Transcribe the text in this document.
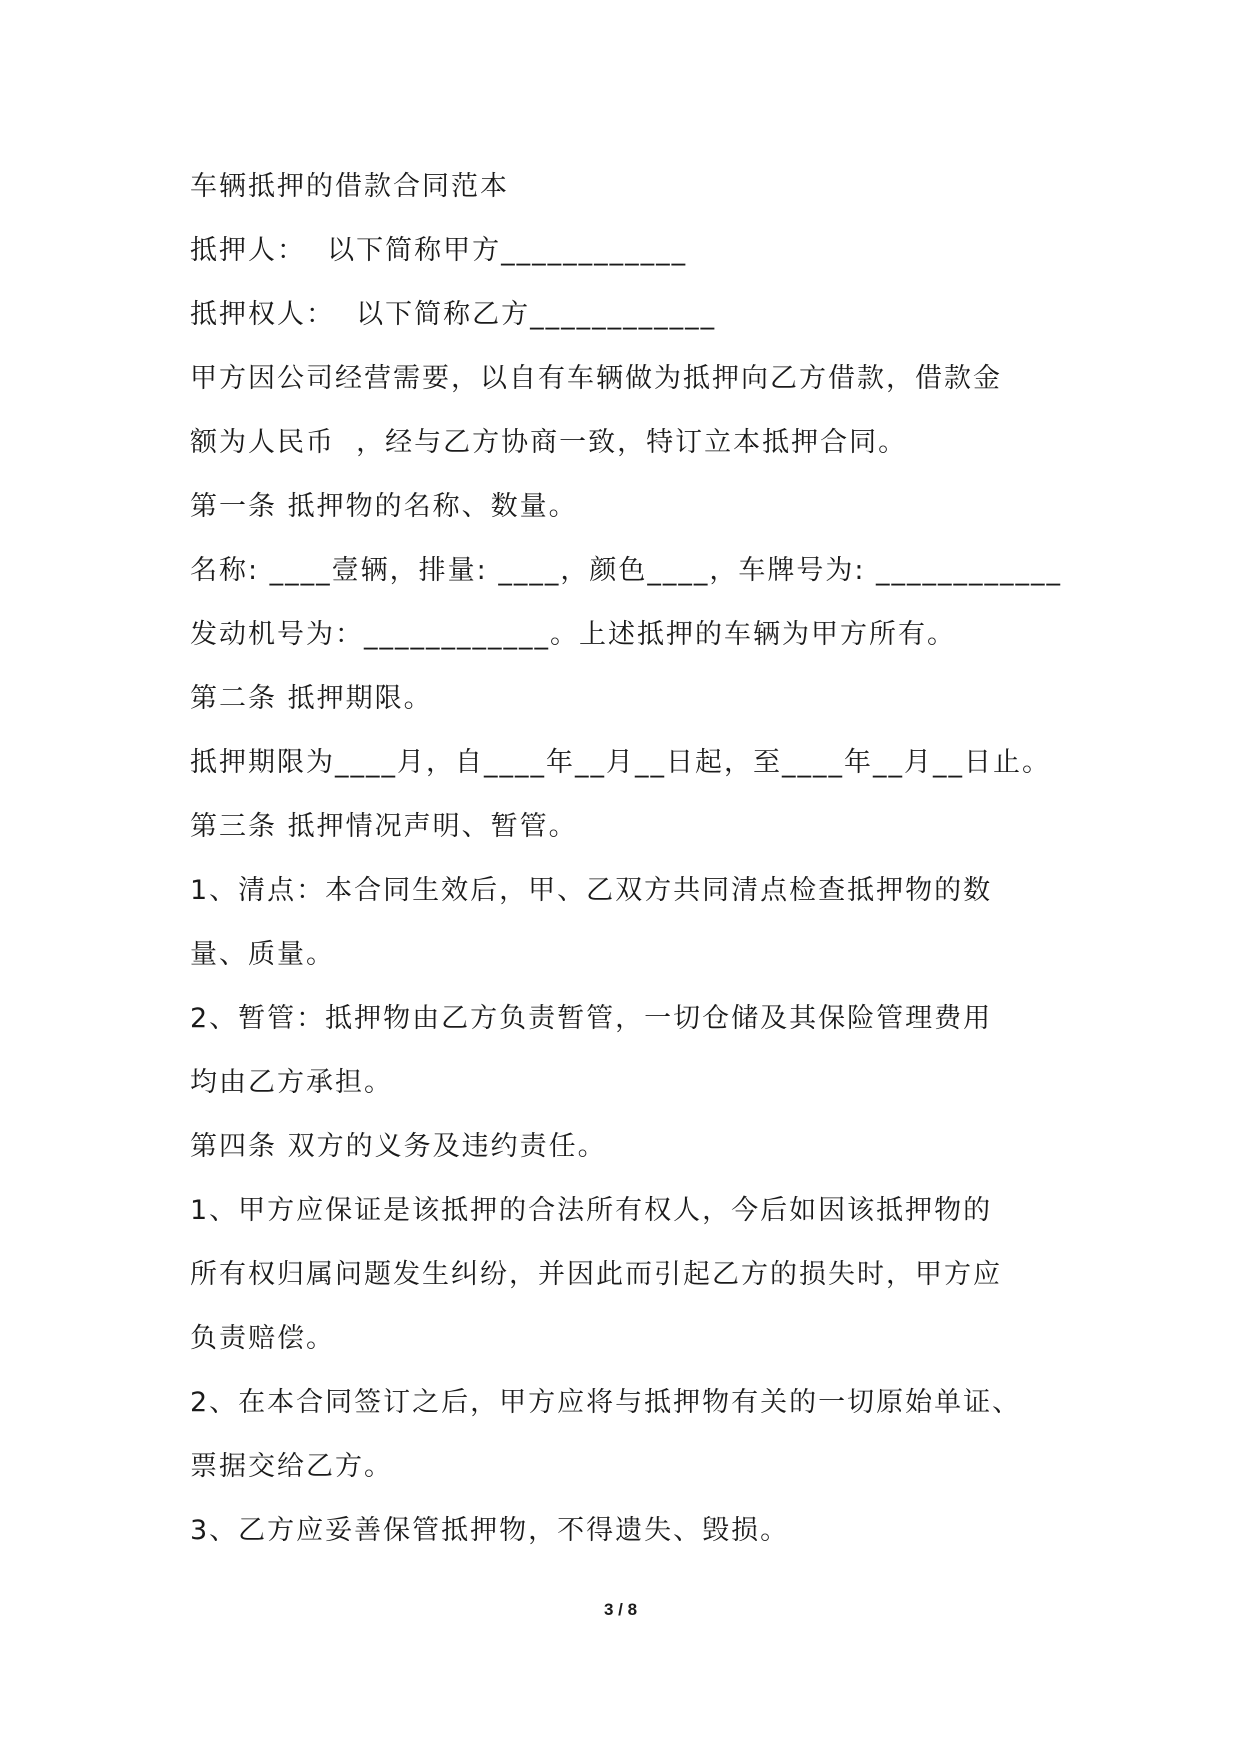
车辆抵押的借款合同范本
抵押人：  以下简称甲方____________
抵押权人：  以下简称乙方____________
甲方因公司经营需要，以自有车辆做为抵押向乙方借款，借款金
额为人民币  ，经与乙方协商一致，特订立本抵押合同。
第一条 抵押物的名称、数量。
名称: ____壹辆，排量: ____，颜色____，车牌号为: ____________
发动机号为：____________。上述抵押的车辆为甲方所有。
第二条 抵押期限。
抵押期限为____月，自____年__月__日起，至____年__月__日止。
第三条 抵押情况声明、暂管。
1、清点：本合同生效后，甲、乙双方共同清点检查抵押物的数
量、质量。
2、暂管：抵押物由乙方负责暂管，一切仓储及其保险管理费用
均由乙方承担。
第四条 双方的义务及违约责任。
1、甲方应保证是该抵押的合法所有权人，今后如因该抵押物的
所有权归属问题发生纠纷，并因此而引起乙方的损失时，甲方应
负责赔偿。
2、在本合同签订之后，甲方应将与抵押物有关的一切原始单证、
票据交给乙方。
3、乙方应妥善保管抵押物，不得遗失、毁损。
3 / 8
